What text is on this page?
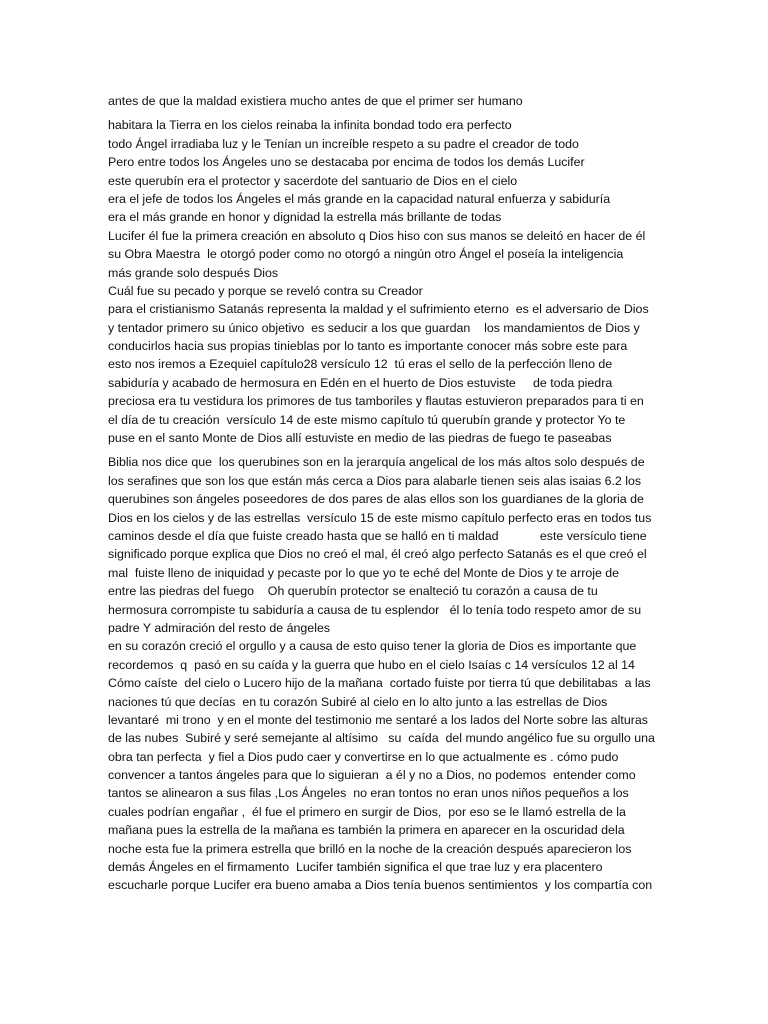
antes de que la maldad existiera mucho antes de que el primer ser humano
habitara la Tierra en los cielos reinaba la infinita bondad todo era perfecto
todo Ángel irradiaba luz y le Tenían un increíble respeto a su padre el creador de todo
Pero entre todos los Ángeles uno se destacaba por encima de todos los demás Lucifer
este querubín era el protector y sacerdote del santuario de Dios en el cielo
era el jefe de todos los Ángeles el más grande en la capacidad natural enfuerza y sabiduría
era el más grande en honor y dignidad la estrella más brillante de todas
Lucifer él fue la primera creación en absoluto q Dios hiso con sus manos se deleitó en hacer de él
su Obra Maestra  le otorgó poder como no otorgó a ningún otro Ángel el poseía la inteligencia
más grande solo después Dios
Cuál fue su pecado y porque se reveló contra su Creador
para el cristianismo Satanás representa la maldad y el sufrimiento eterno  es el adversario de Dios
y tentador primero su único objetivo  es seducir a los que guardan    los mandamientos de Dios y
conducirlos hacia sus propias tinieblas por lo tanto es importante conocer más sobre este para
esto nos iremos a Ezequiel capítulo28 versículo 12  tú eras el sello de la perfección lleno de
sabiduría y acabado de hermosura en Edén en el huerto de Dios estuviste     de toda piedra
preciosa era tu vestidura los primores de tus tamboriles y flautas estuvieron preparados para ti en
el día de tu creación  versículo 14 de este mismo capítulo tú querubín grande y protector Yo te
puse en el santo Monte de Dios allí estuviste en medio de las piedras de fuego te paseabas
Biblia nos dice que  los querubines son en la jerarquía angelical de los más altos solo después de
los serafines que son los que están más cerca a Dios para alabarle tienen seis alas isaias 6.2 los
querubines son ángeles poseedores de dos pares de alas ellos son los guardianes de la gloria de
Dios en los cielos y de las estrellas  versículo 15 de este mismo capítulo perfecto eras en todos tus
caminos desde el día que fuiste creado hasta que se halló en ti maldad            este versículo tiene
significado porque explica que Dios no creó el mal, él creó algo perfecto Satanás es el que creó el
mal  fuiste lleno de iniquidad y pecaste por lo que yo te eché del Monte de Dios y te arroje de
entre las piedras del fuego    Oh querubín protector se enalteció tu corazón a causa de tu
hermosura corrompiste tu sabiduría a causa de tu esplendor   él lo tenía todo respeto amor de su
padre Y admiración del resto de ángeles
en su corazón creció el orgullo y a causa de esto quiso tener la gloria de Dios es importante que
recordemos  q  pasó en su caída y la guerra que hubo en el cielo Isaías c 14 versículos 12 al 14
Cómo caíste  del cielo o Lucero hijo de la mañana  cortado fuiste por tierra tú que debilitabas  a las
naciones tú que decías  en tu corazón Subiré al cielo en lo alto junto a las estrellas de Dios
levantaré  mi trono  y en el monte del testimonio me sentaré a los lados del Norte sobre las alturas
de las nubes  Subiré y seré semejante al altísimo   su  caída  del mundo angélico fue su orgullo una
obra tan perfecta  y fiel a Dios pudo caer y convertirse en lo que actualmente es . cómo pudo
convencer a tantos ángeles para que lo siguieran  a él y no a Dios, no podemos  entender como
tantos se alinearon a sus filas ,Los Ángeles  no eran tontos no eran unos niños pequeños a los
cuales podrían engañar ,  él fue el primero en surgir de Dios,  por eso se le llamó estrella de la
mañana pues la estrella de la mañana es también la primera en aparecer en la oscuridad dela
noche esta fue la primera estrella que brilló en la noche de la creación después aparecieron los
demás Ángeles en el firmamento  Lucifer también significa el que trae luz y era placentero
escucharle porque Lucifer era bueno amaba a Dios tenía buenos sentimientos  y los compartía con
